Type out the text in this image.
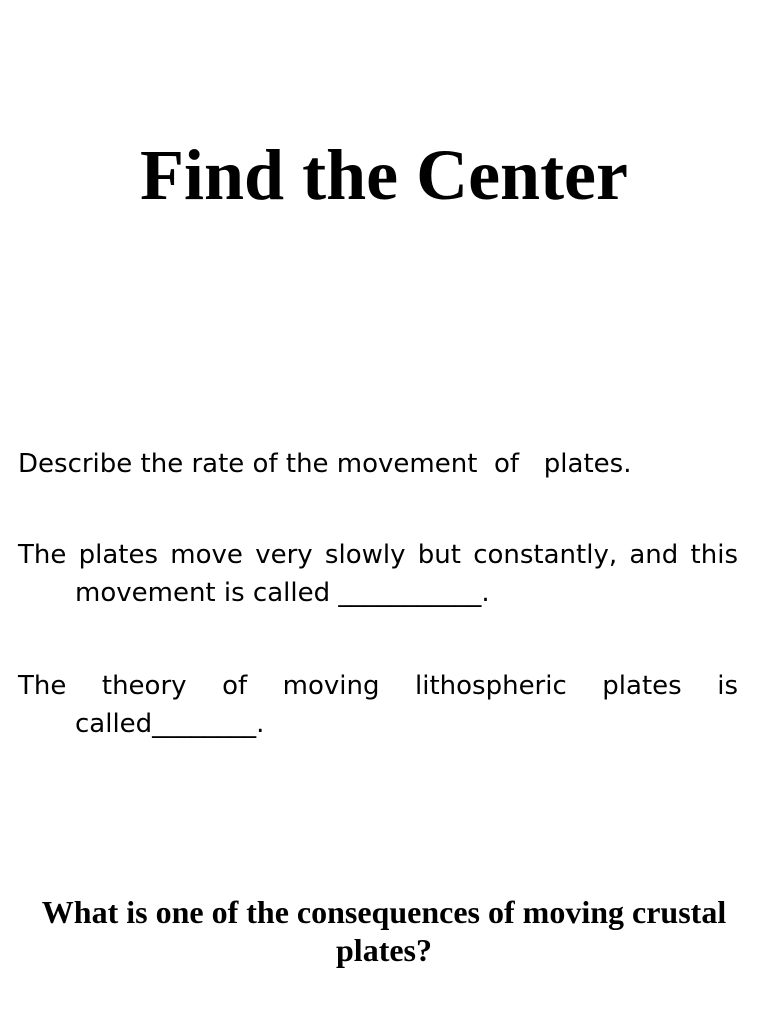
Find the Center

Describe the rate of the movement  of   plates.

The plates move very slowly but constantly, and this movement is called ___________.

The theory of moving lithospheric plates is called________.

What is one of the consequences of moving crustal plates?
